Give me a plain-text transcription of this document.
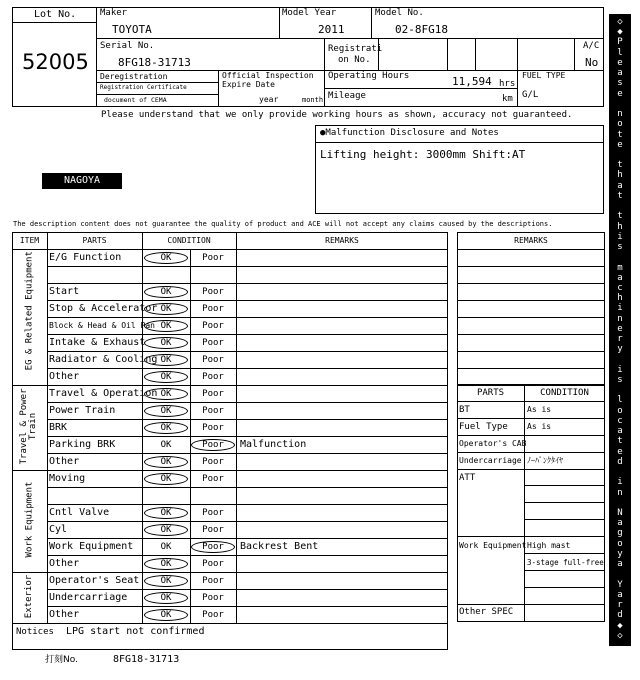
Lot No.
52005
Maker
TOYOTA
Model Year
2011
Model No.
02-8FG18
Serial No.
8FG18-31713
Registrati
on No.
A/C
No
Deregistration
Registration Certificate
document of CEMA
Official Inspection
Expire Date
year	month
Operating Hours	11,594 hrs
Mileage	km
FUEL TYPE
G/L
Please understand that we only provide working hours as shown, accuracy not guaranteed.
●Malfunction Disclosure and Notes
Lifting height: 3000mm Shift:AT
NAGOYA
The description content does not guarantee the quality of product and ACE will not accept any claims caused by the descriptions.
ITEM	PARTS	CONDITION	REMARKS
EG & Related Equipment E/G Function	OK	Poor
Start	OK	Poor
Stop & Accelerator OK	Poor
Block & Head & Oil Pan OK	Poor
Intake & Exhaust	OK	Poor
Radiator & Cooling OK	Poor
Other	OK	Poor
Travel & Power Train
Travel & Operation OK	Poor
Power Train	OK	Poor
BRK	OK	Poor
Parking BRK	OK	Poor	Malfunction
Other	OK	Poor
Work Equipment
Moving	OK	Poor
Cntl Valve	OK	Poor
Cyl	OK	Poor
Work Equipment	OK	Poor	Backrest Bent
Other	OK	Poor
Exterior Operator's Seat	OK	Poor
Undercarriage	OK	Poor
Other	OK	Poor
Notices LPG start not confirmed
打刻No.	8FG18-31713
REMARKS
PARTS	CONDITION
BT	As is
Fuel Type As is
Operator's CAB
Undercarriage ﾉｰﾊﾟﾝｸﾀｲﾔ
ATT
Work Equipment High mast
3-stage full-free
Other SPEC
◇
◆
P
l
e
a
s
e
n
o
t
e
t
h
a
t
t
h
i
s
m
a
c
h
i
n
e
r
y
i
s
l
o
c
a
t
e
d
i
n
N
a
g
o
y
a
Y
a
r
d
◆
◇
